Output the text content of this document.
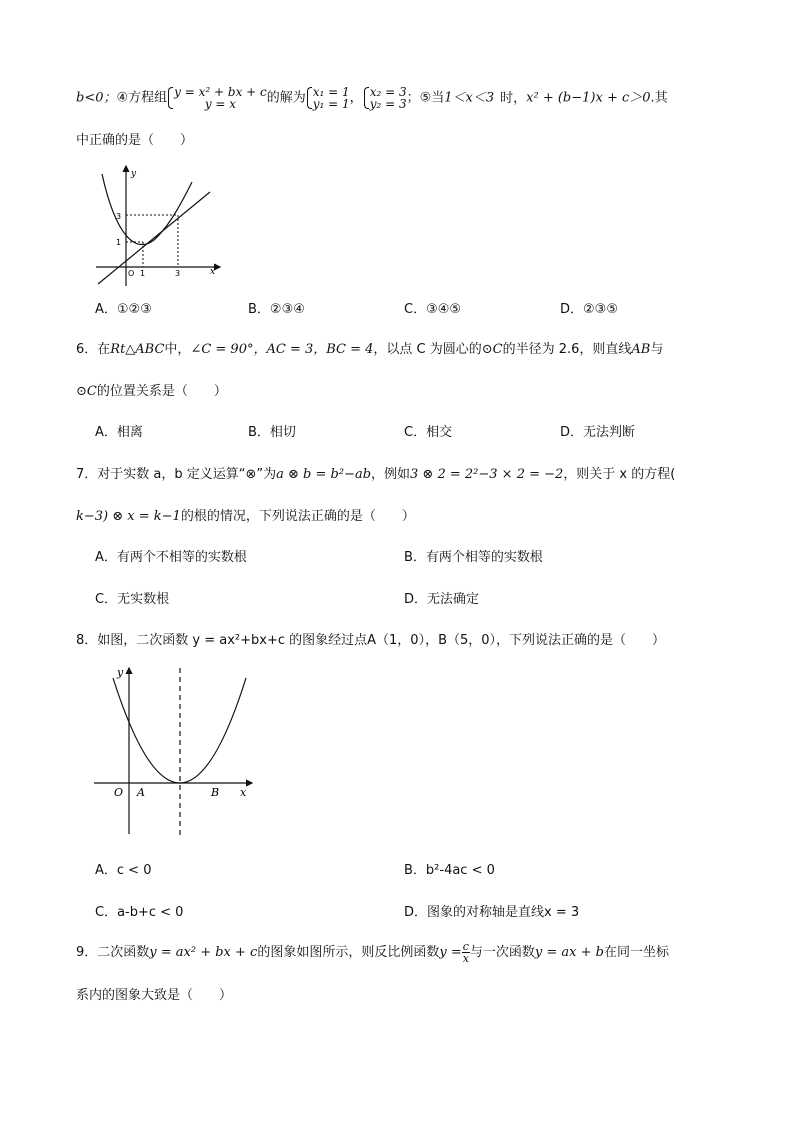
b<0；④方程组 y = x² + bx + c
y = x	的解为 x₁ = 1
y₁ = 1 ， x₂ = 3
y₂ = 3 ；⑤当1＜x＜3 时，x² + (b−1)x + c＞0.其
中正确的是（　　）
y
x
O 1	3
1
3
A．①②③	B．②③④	C．③④⑤	D．②③⑤
6．在Rt△ABC中，∠C = 90°，AC = 3，BC = 4，以点 C 为圆心的⊙C的半径为 2.6，则直线AB与
⊙C的位置关系是（　　）
A．相离	B．相切	C．相交	D．无法判断
7．对于实数 a，b 定义运算“⊗”为a ⊗ b = b²−ab，例如3 ⊗ 2 = 2²−3 × 2 = −2，则关于 x 的方程(
k−3) ⊗ x = k−1的根的情况，下列说法正确的是（　　）
A．有两个不相等的实数根	B．有两个相等的实数根
C．无实数根	D．无法确定
8．如图，二次函数 y = ax²+bx+c 的图象经过点A（1，0），B（5，0），下列说法正确的是（　　）
y
x
O A	B
A．c < 0	B．b²-4ac < 0
C．a-b+c < 0	D．图象的对称轴是直线x = 3
9．二次函数y = ax² + bx + c的图象如图所示，则反比例函数$y = \frac{c}{x}$ 与一次函数y = ax + b在同一坐标
系内的图象大致是（　　）
